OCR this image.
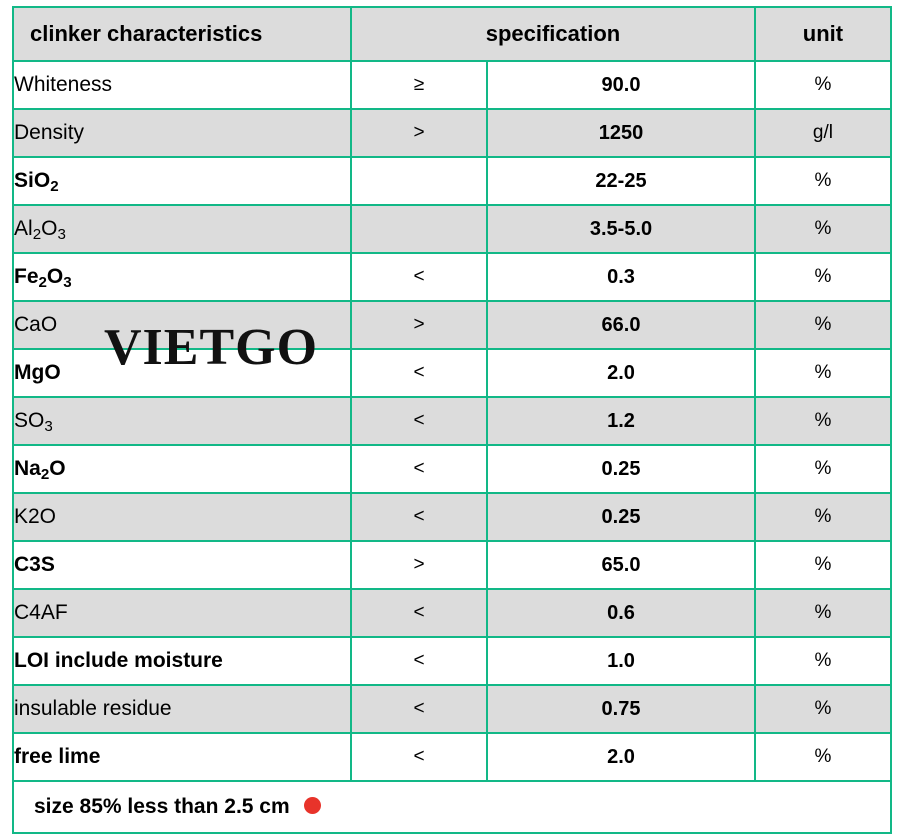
VIETGO
clinker characteristics	specification		unit
Whiteness	≥	90.0	%
Density	>	1250	g/l
SiO$_2$		22-25	%
$Al_2O_3$		3.5-5.0	%
$Fe_2O_3$	<	0.3	%
CaO	>	66.0	%
MgO	<	2.0	%
$SO_3$	<	1.2	%
$Na_2O$	<	0.25	%
K2O	<	0.25	%
C3S	>	65.0	%
C4AF	<	0.6	%
LOI include moisture	<	1.0	%
insulable residue	<	0.75	%
free lime	<	2.0	%
size 85% less than 2.5 cm			
